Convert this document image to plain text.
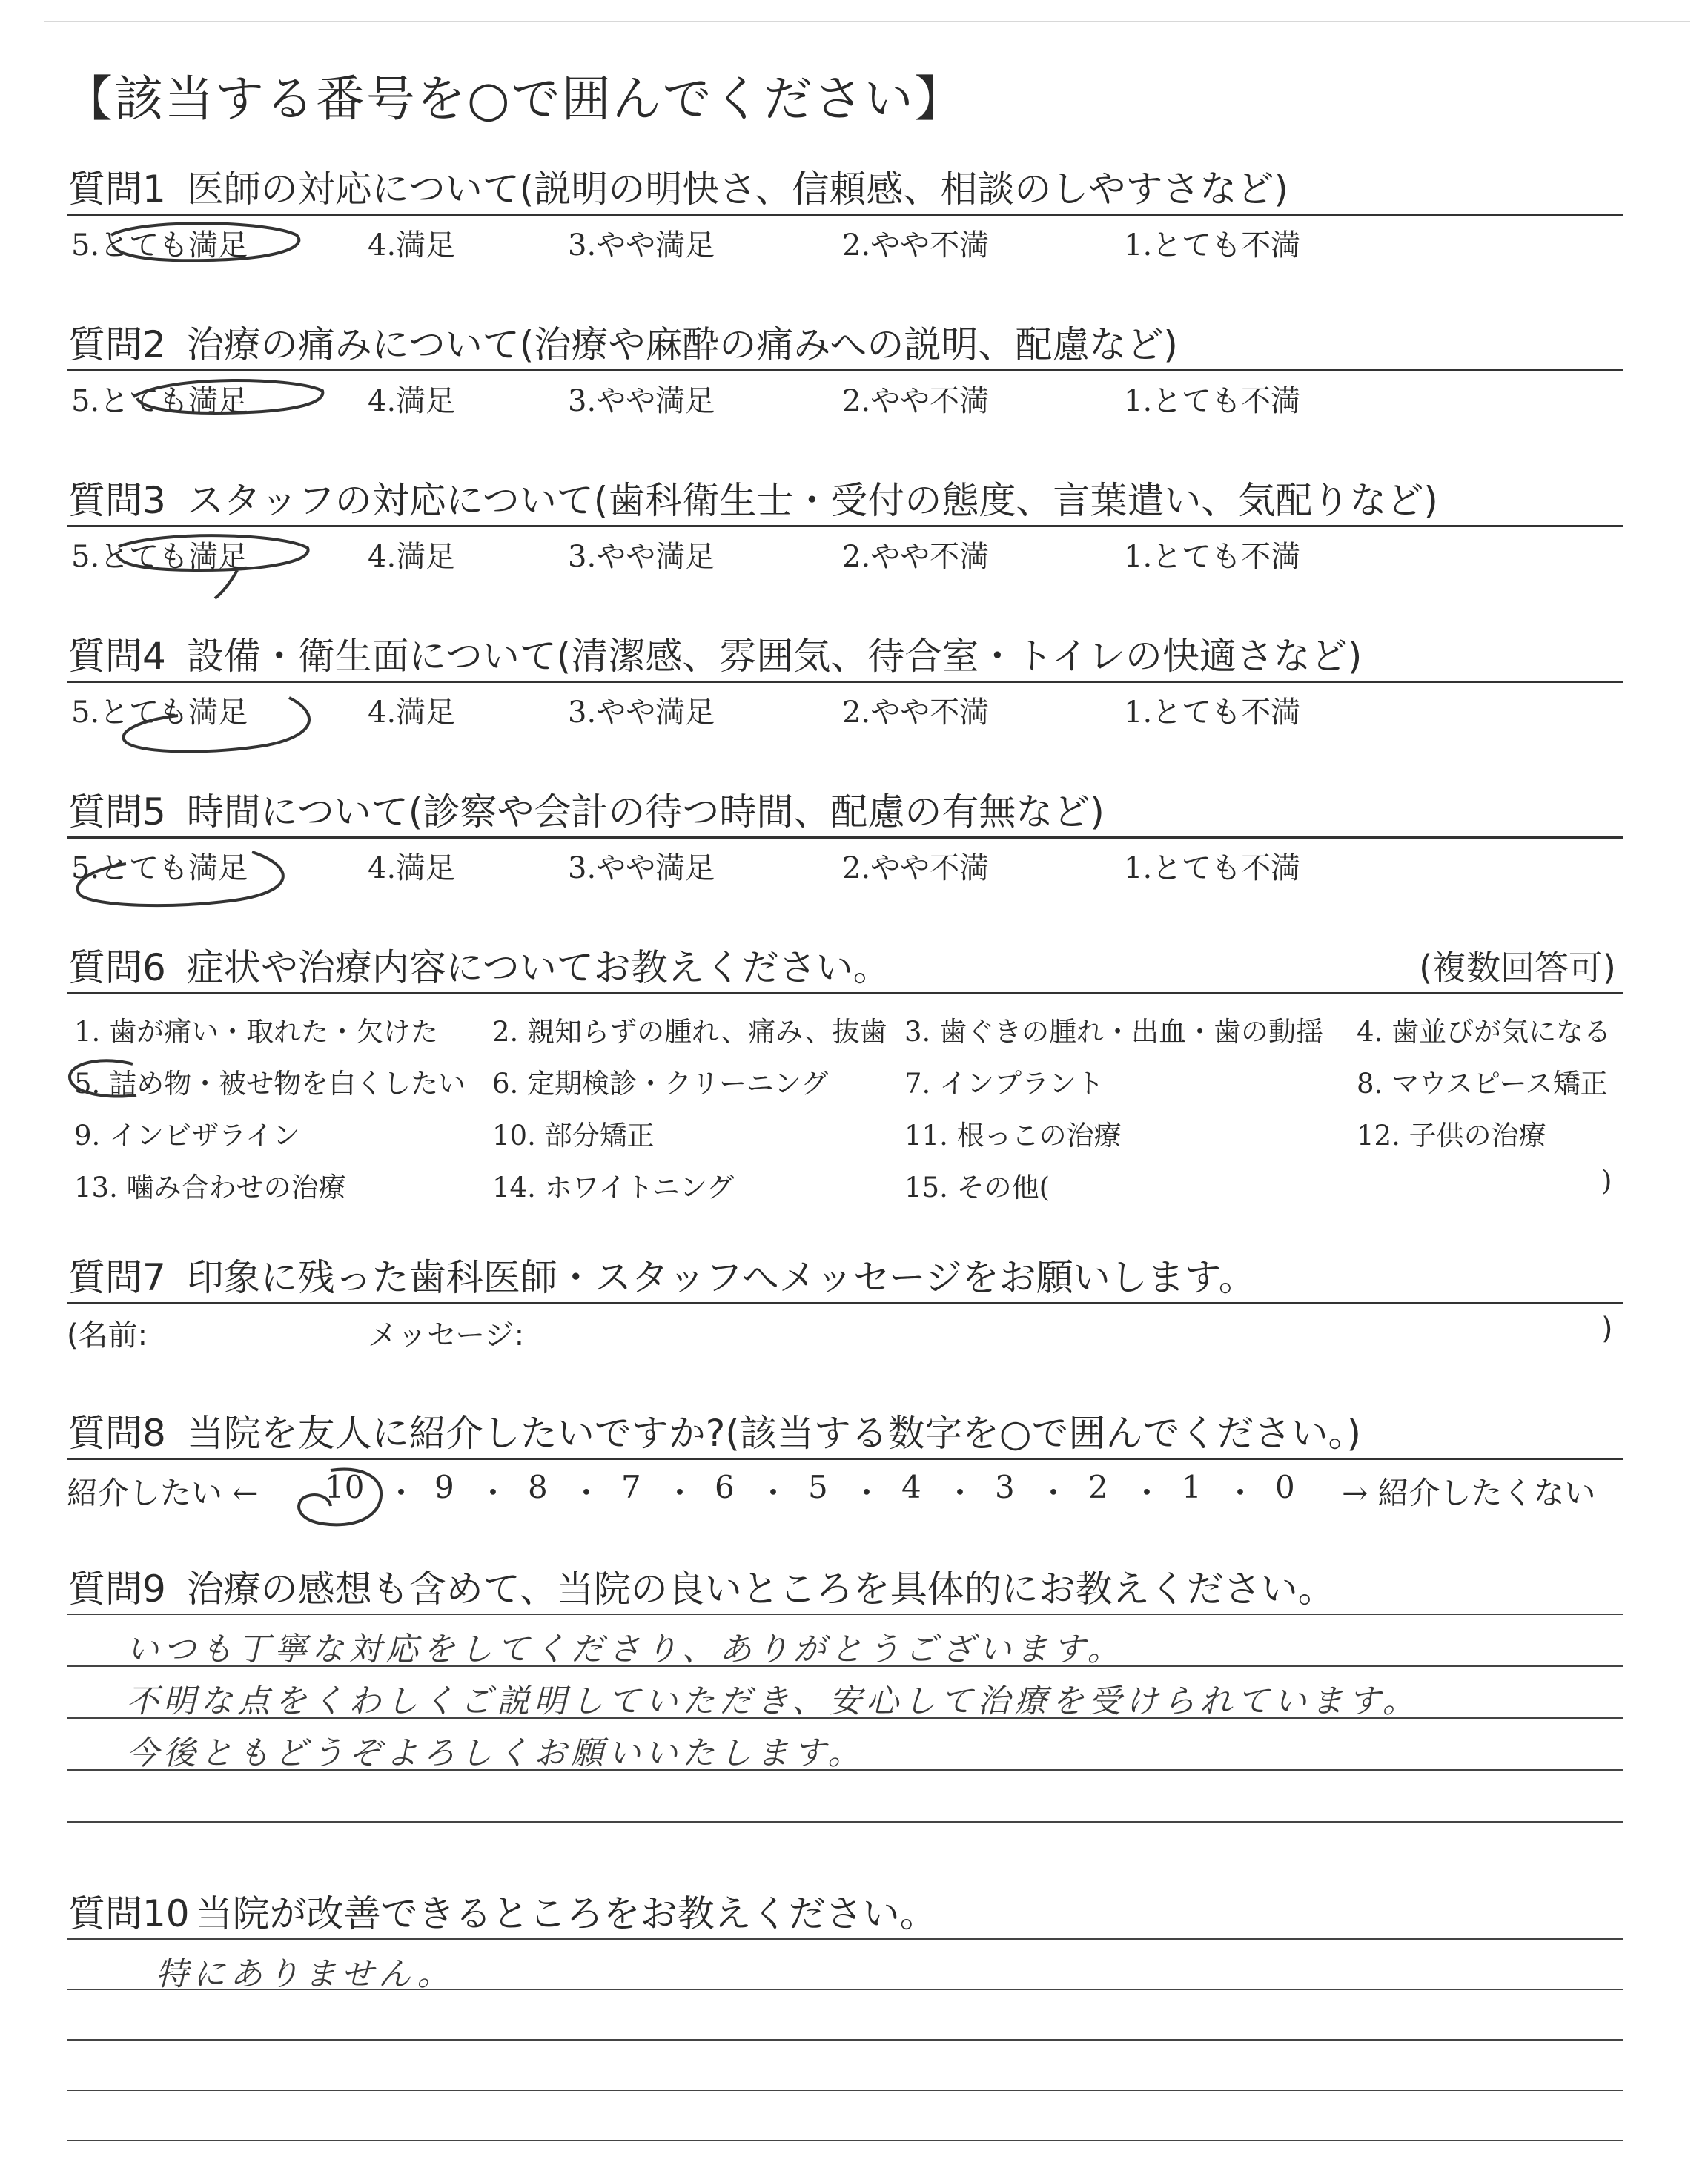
【該当する番号を○で囲んでください】
質問1 医師の対応について(説明の明快さ、信頼感、相談のしやすさなど)
5.とても満足	4.満足	3.やや満足	2.やや不満	1.とても不満
質問2 治療の痛みについて(治療や麻酔の痛みへの説明、配慮など)
5.とても満足	4.満足	3.やや満足	2.やや不満	1.とても不満
質問3 スタッフの対応について(歯科衛生士・受付の態度、言葉遣い、気配りなど)
5.とても満足	4.満足	3.やや満足	2.やや不満	1.とても不満
質問4 設備・衛生面について(清潔感、雰囲気、待合室・トイレの快適さなど)
5.とても満足	4.満足	3.やや満足	2.やや不満	1.とても不満
質問5 時間について(診察や会計の待つ時間、配慮の有無など)
5.とても満足	4.満足	3.やや満足	2.やや不満	1.とても不満
質問6 症状や治療内容についてお教えください。	(複数回答可)
1. 歯が痛い・取れた・欠けた 2. 親知らずの腫れ、痛み、抜歯 3. 歯ぐきの腫れ・出血・歯の動揺 4. 歯並びが気になる
5. 詰め物・被せ物を白くしたい 6. 定期検診・クリーニング	7. インプラント	8. マウスピース矯正
9. インビザライン	10. 部分矯正	11. 根っこの治療	12. 子供の治療
13. 噛み合わせの治療	14. ホワイトニング	15. その他(	)
質問7 印象に残った歯科医師・スタッフへメッセージをお願いします。
(名前:	メッセージ:	)
質問8 当院を友人に紹介したいですか?(該当する数字を○で囲んでください。)
紹介したい ← 10 ・ 9 ・ 8 ・ 7 ・ 6 ・ 5 ・ 4 ・ 3 ・ 2 ・ 1 ・ 0 → 紹介したくない
質問9 治療の感想も含めて、当院の良いところを具体的にお教えください。
いつも丁寧な対応をしてくださり、ありがとうございます。
不明な点をくわしくご説明していただき、安心して治療を受けられています。
今後ともどうぞよろしくお願いいたします。
質問10 当院が改善できるところをお教えください。
特にありません。
